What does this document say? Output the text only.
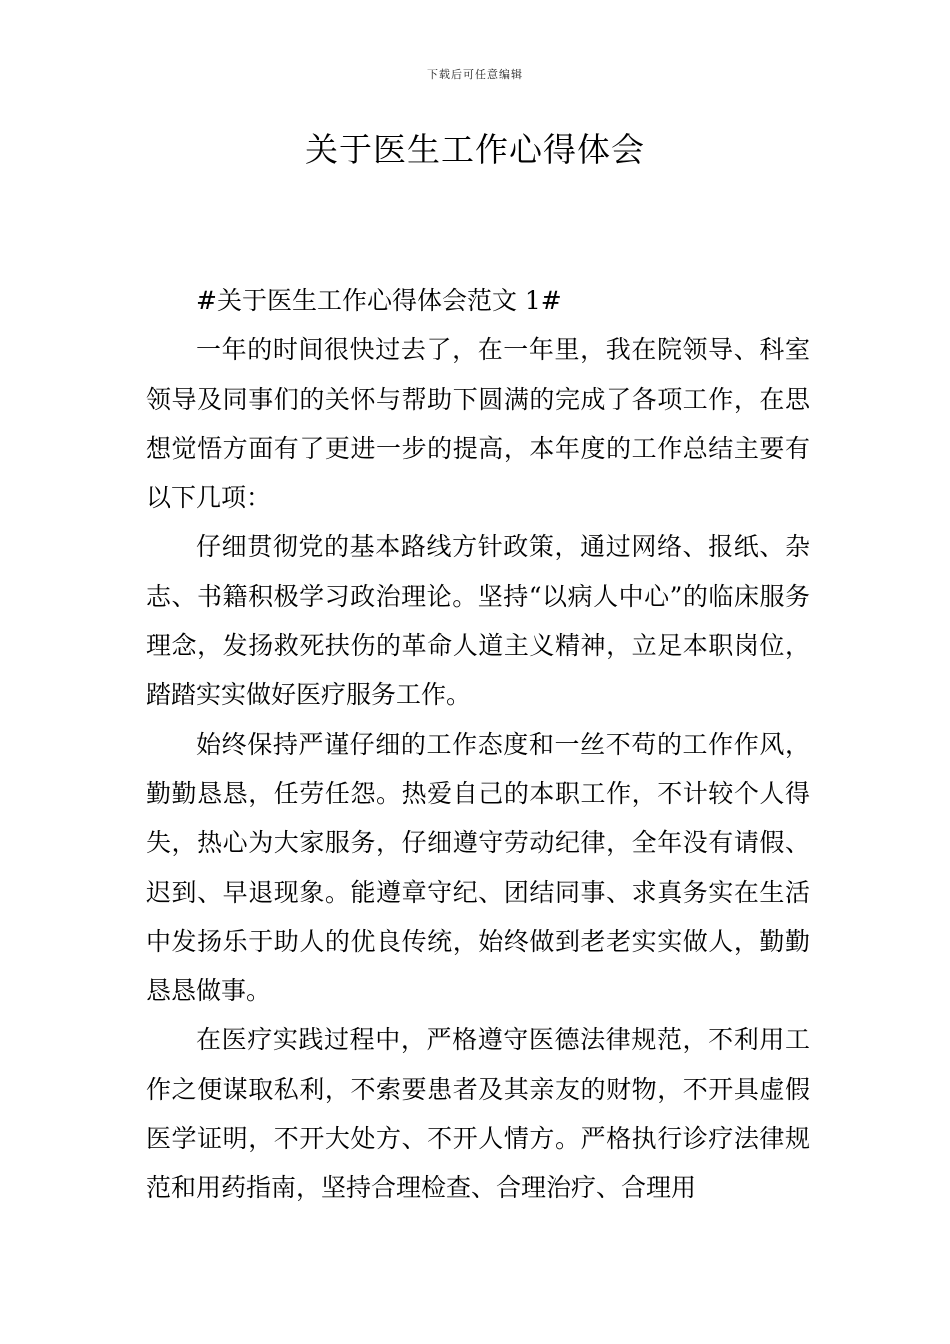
下载后可任意编辑
关于医生工作心得体会

#关于医生工作心得体会范文 1#

一年的时间很快过去了，在一年里，我在院领导、科室领导及同事们的关怀与帮助下圆满的完成了各项工作，在思想觉悟方面有了更进一步的提高，本年度的工作总结主要有以下几项：

仔细贯彻党的基本路线方针政策，通过网络、报纸、杂志、书籍积极学习政治理论。坚持“以病人中心”的临床服务理念，发扬救死扶伤的革命人道主义精神，立足本职岗位，踏踏实实做好医疗服务工作。

始终保持严谨仔细的工作态度和一丝不苟的工作作风，勤勤恳恳，任劳任怨。热爱自己的本职工作，不计较个人得失，热心为大家服务，仔细遵守劳动纪律，全年没有请假、迟到、早退现象。能遵章守纪、团结同事、求真务实在生活中发扬乐于助人的优良传统，始终做到老老实实做人，勤勤恳恳做事。

在医疗实践过程中，严格遵守医德法律规范，不利用工作之便谋取私利，不索要患者及其亲友的财物，不开具虚假医学证明，不开大处方、不开人情方。严格执行诊疗法律规范和用药指南，坚持合理检查、合理治疗、合理用
